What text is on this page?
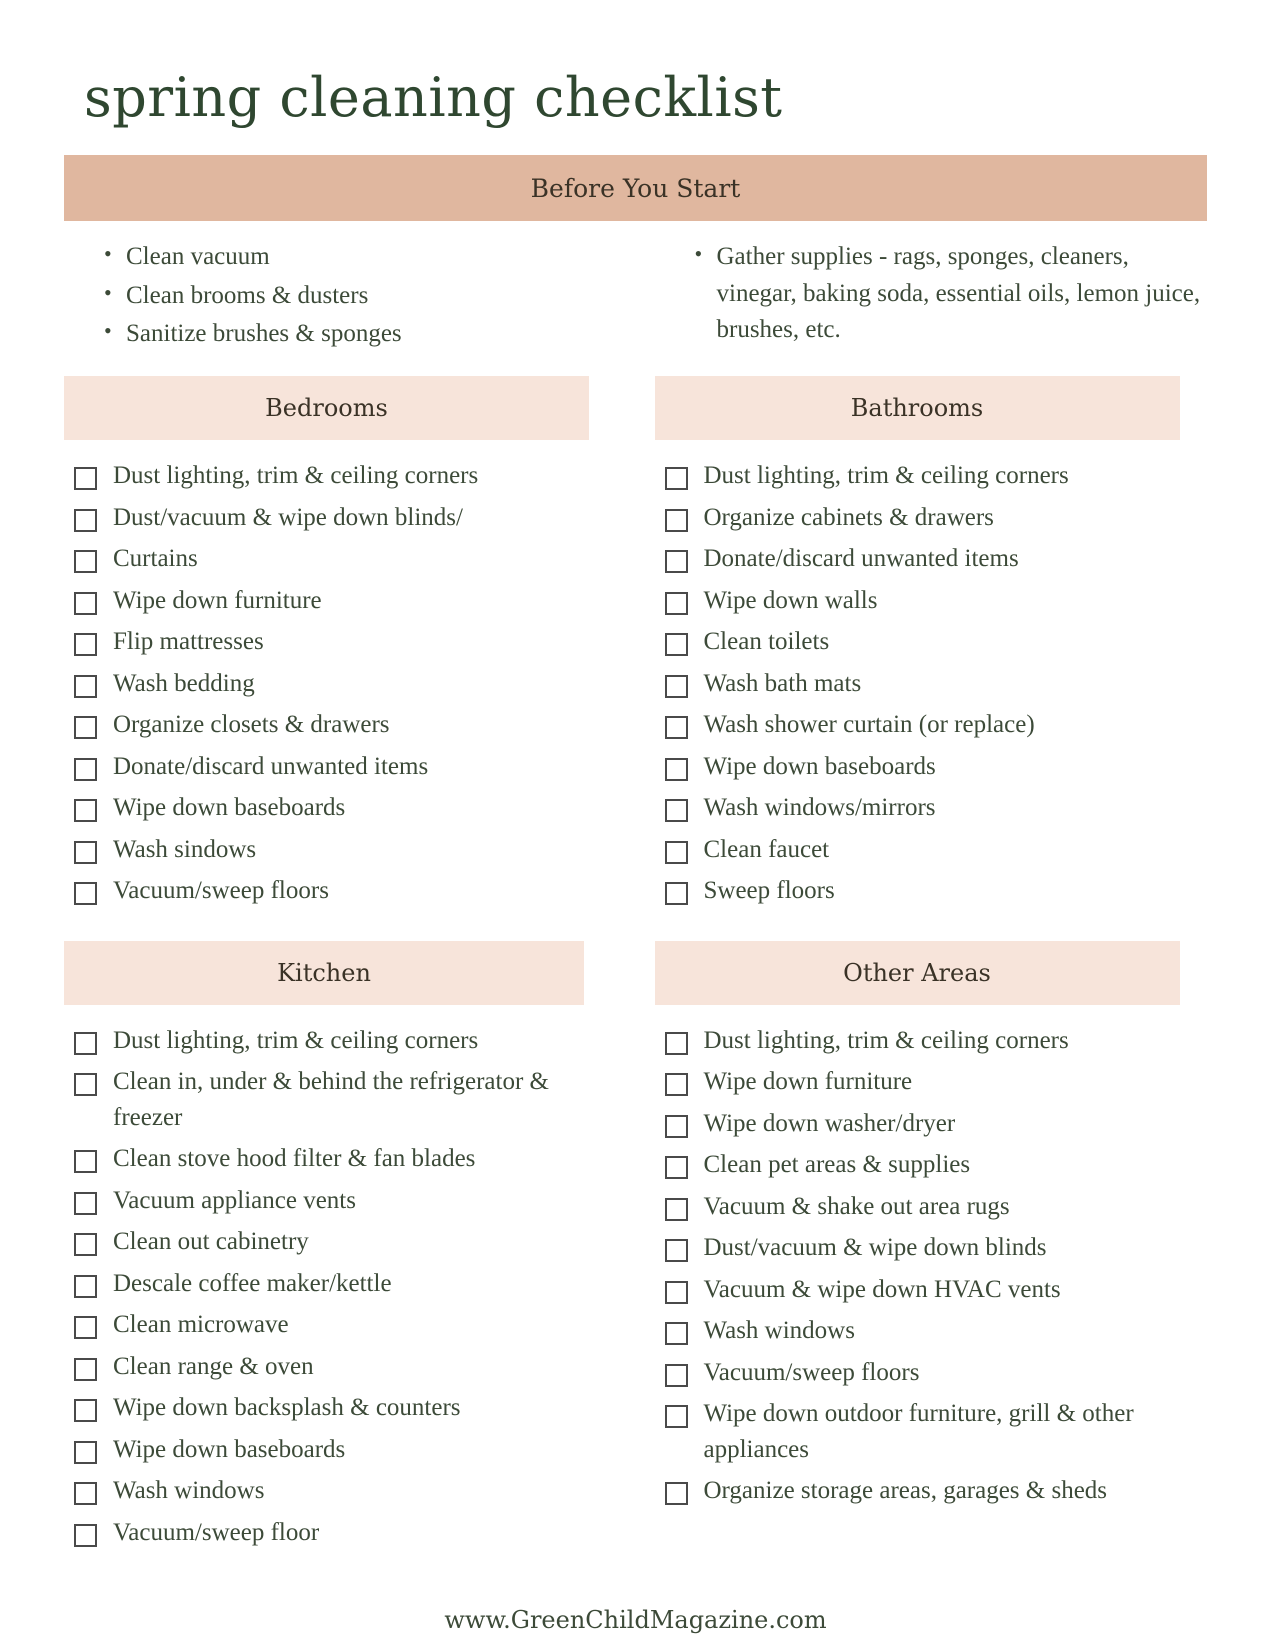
spring cleaning checklist
Before You Start
• Clean vacuum
• Clean brooms & dusters
• Sanitize brushes & sponges
• Gather supplies - rags, sponges, cleaners, vinegar, baking soda, essential oils, lemon juice, brushes, etc.
Bedrooms
Dust lighting, trim & ceiling corners
Dust/vacuum & wipe down blinds/
Curtains
Wipe down furniture
Flip mattresses
Wash bedding
Organize closets & drawers
Donate/discard unwanted items
Wipe down baseboards
Wash sindows
Vacuum/sweep floors
Bathrooms
Dust lighting, trim & ceiling corners
Organize cabinets & drawers
Donate/discard unwanted items
Wipe down walls
Clean toilets
Wash bath mats
Wash shower curtain (or replace)
Wipe down baseboards
Wash windows/mirrors
Clean faucet
Sweep floors
Kitchen
Dust lighting, trim & ceiling corners
Clean in, under & behind the refrigerator & freezer
Clean stove hood filter & fan blades
Vacuum appliance vents
Clean out cabinetry
Descale coffee maker/kettle
Clean microwave
Clean range & oven
Wipe down backsplash & counters
Wipe down baseboards
Wash windows
Vacuum/sweep floor
Other Areas
Dust lighting, trim & ceiling corners
Wipe down furniture
Wipe down washer/dryer
Clean pet areas & supplies
Vacuum & shake out area rugs
Dust/vacuum & wipe down blinds
Vacuum & wipe down HVAC vents
Wash windows
Vacuum/sweep floors
Wipe down outdoor furniture, grill & other appliances
Organize storage areas, garages & sheds
www.GreenChildMagazine.com
